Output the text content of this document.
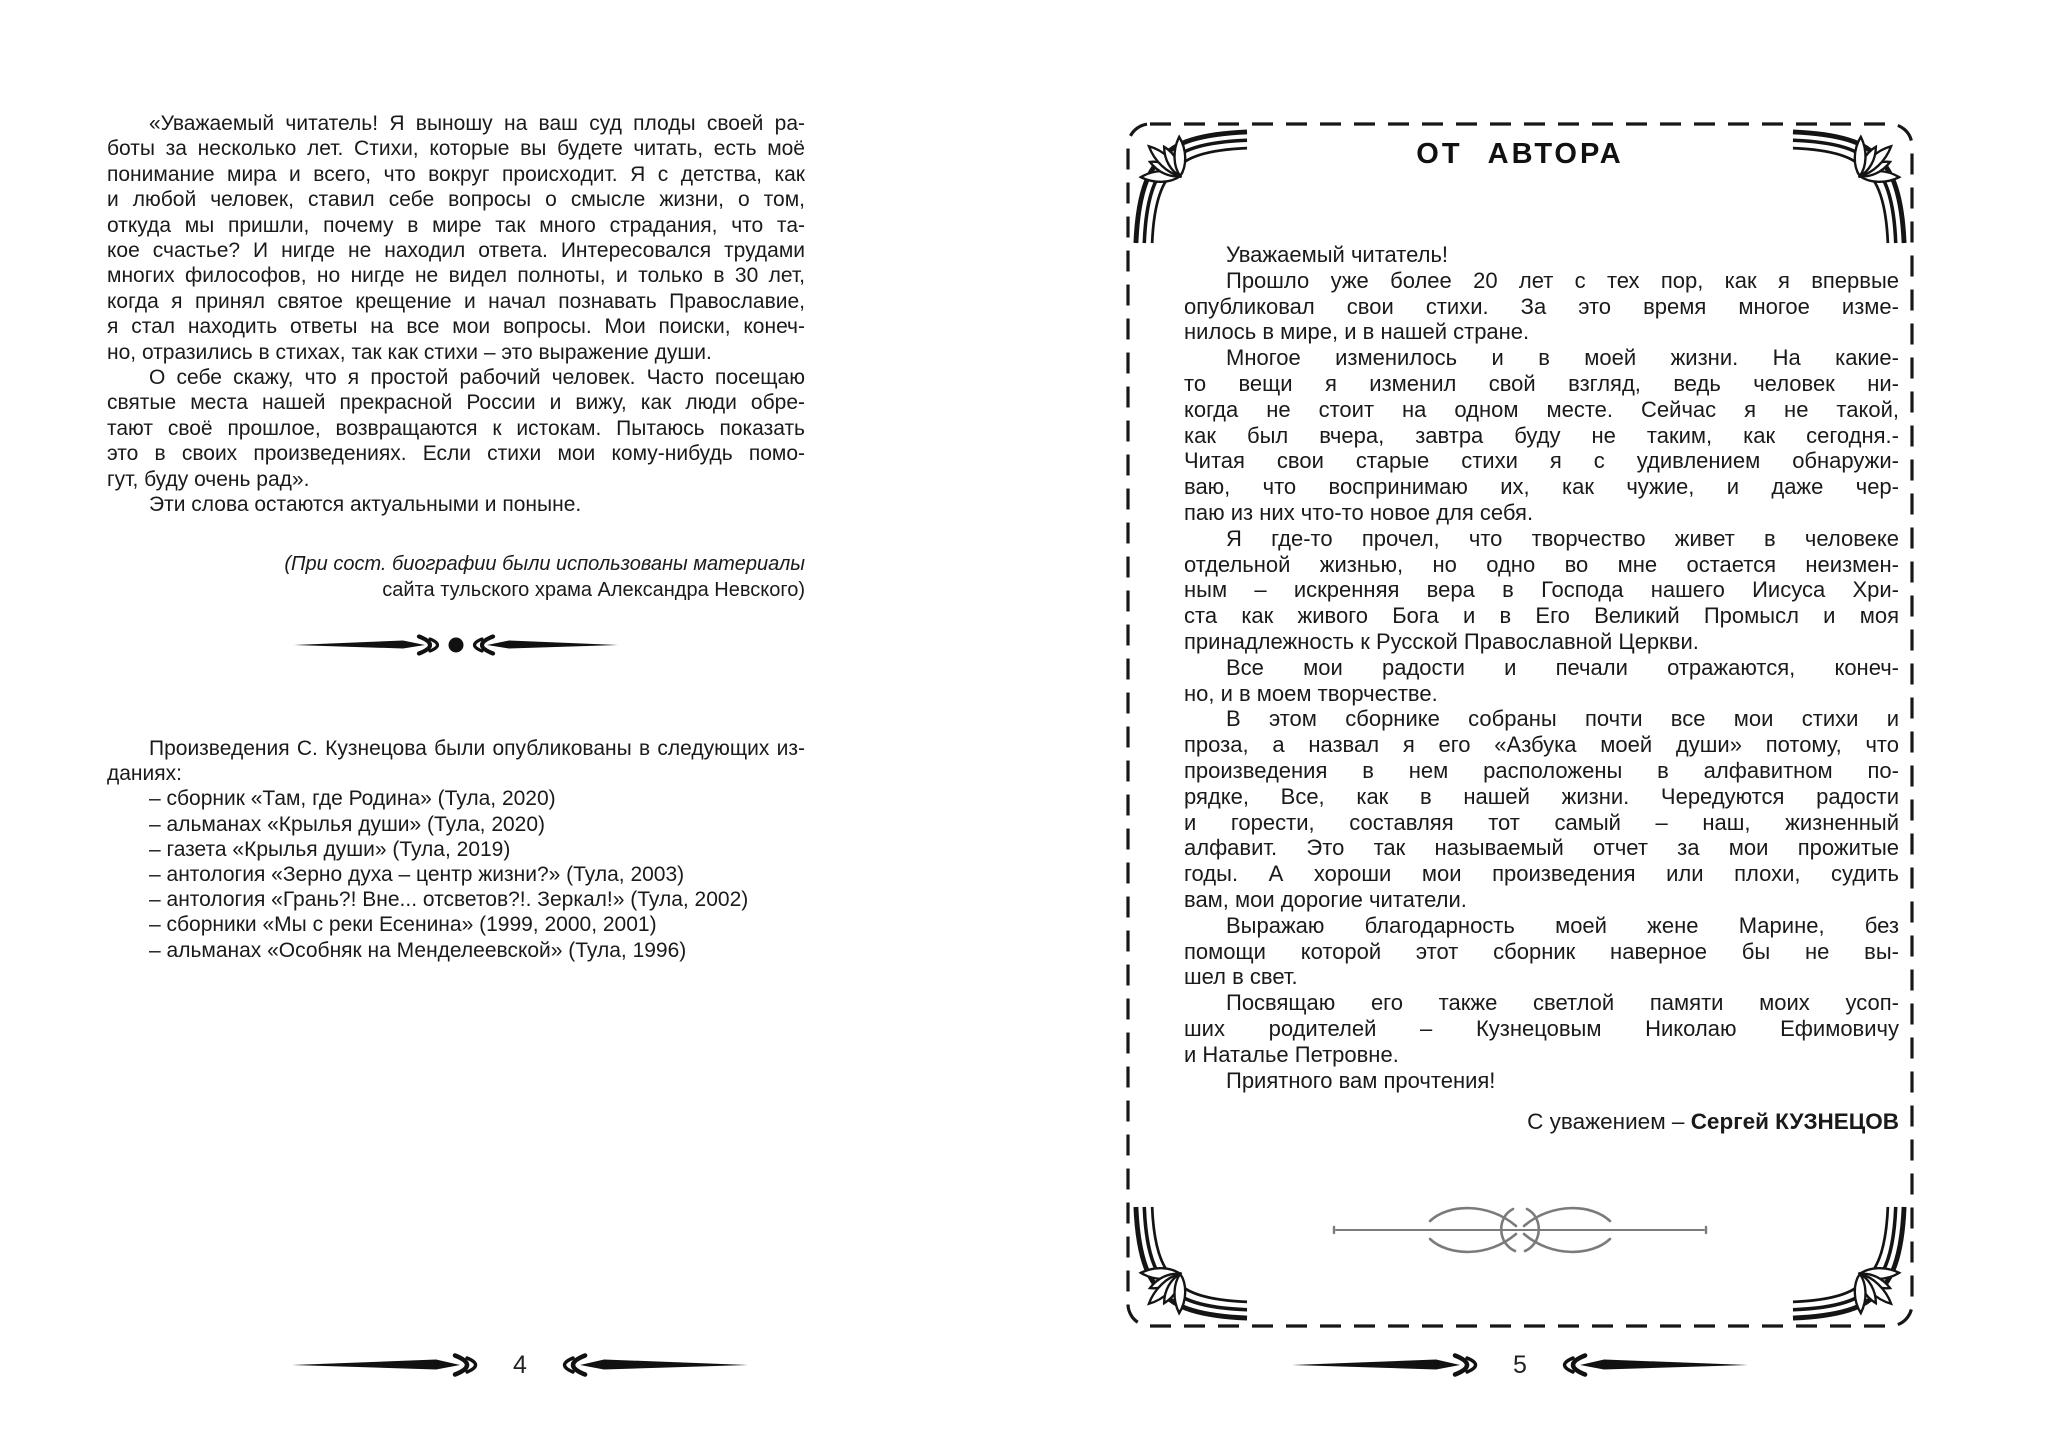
«Уважаемый читатель! Я выношу на ваш суд плоды своей ра-
боты за несколько лет. Стихи, которые вы будете читать, есть моё
понимание мира и всего, что вокруг происходит. Я с детства, как
и любой человек, ставил себе вопросы о смысле жизни, о том,
откуда мы пришли, почему в мире так много страдания, что та-
кое счастье? И нигде не находил ответа. Интересовался трудами
многих философов, но нигде не видел полноты, и только в 30 лет,
когда я принял святое крещение и начал познавать Православие,
я стал находить ответы на все мои вопросы. Мои поиски, конеч-
но, отразились в стихах, так как стихи – это выражение души.
О себе скажу, что я простой рабочий человек. Часто посещаю
святые места нашей прекрасной России и вижу, как люди обре-
тают своё прошлое, возвращаются к истокам. Пытаюсь показать
это в своих произведениях. Если стихи мои кому-нибудь помо-
гут, буду очень рад».
Эти слова остаются актуальными и поныне.
(При сост. биографии были использованы материалы
сайта тульского храма Александра Невского)
Произведения С. Кузнецова были опубликованы в следующих из-
даниях:
– сборник «Там, где Родина» (Тула, 2020)
– альманах «Крылья души» (Тула, 2020)
– газета «Крылья души» (Тула, 2019)
– антология «Зерно духа – центр жизни?» (Тула, 2003)
– антология «Грань?! Вне... отсветов?!. Зеркал!» (Тула, 2002)
– сборники «Мы с реки Есенина» (1999, 2000, 2001)
– альманах «Особняк на Менделеевской» (Тула, 1996)
4
ОТ АВТОРА
Уважаемый читатель!
Прошло уже более 20 лет с тех пор, как я впервые
опубликовал свои стихи. За это время многое изме-
нилось в мире, и в нашей стране.
Многое изменилось и в моей жизни. На какие-
то вещи я изменил свой взгляд, ведь человек ни-
когда не стоит на одном месте. Сейчас я не такой,
как был вчера, завтра буду не таким, как сегодня.-
Читая свои старые стихи я с удивлением обнаружи-
ваю, что воспринимаю их, как чужие, и даже чер-
паю из них что-то новое для себя.
Я где-то прочел, что творчество живет в человеке
отдельной жизнью, но одно во мне остается неизмен-
ным – искренняя вера в Господа нашего Иисуса Хри-
ста как живого Бога и в Его Великий Промысл и моя
принадлежность к Русской Православной Церкви.
Все мои радости и печали отражаются, конеч-
но, и в моем творчестве.
В этом сборнике собраны почти все мои стихи и
проза, а назвал я его «Азбука моей души» потому, что
произведения в нем расположены в алфавитном по-
рядке, Все, как в нашей жизни. Чередуются радости
и горести, составляя тот самый – наш, жизненный
алфавит. Это так называемый отчет за мои прожитые
годы. А хороши мои произведения или плохи, судить
вам, мои дорогие читатели.
Выражаю благодарность моей жене Марине, без
помощи которой этот сборник наверное бы не вы-
шел в свет.
Посвящаю его также светлой памяти моих усоп-
ших родителей – Кузнецовым Николаю Ефимовичу
и Наталье Петровне.
Приятного вам прочтения!
С уважением – Сергей КУЗНЕЦОВ
5
